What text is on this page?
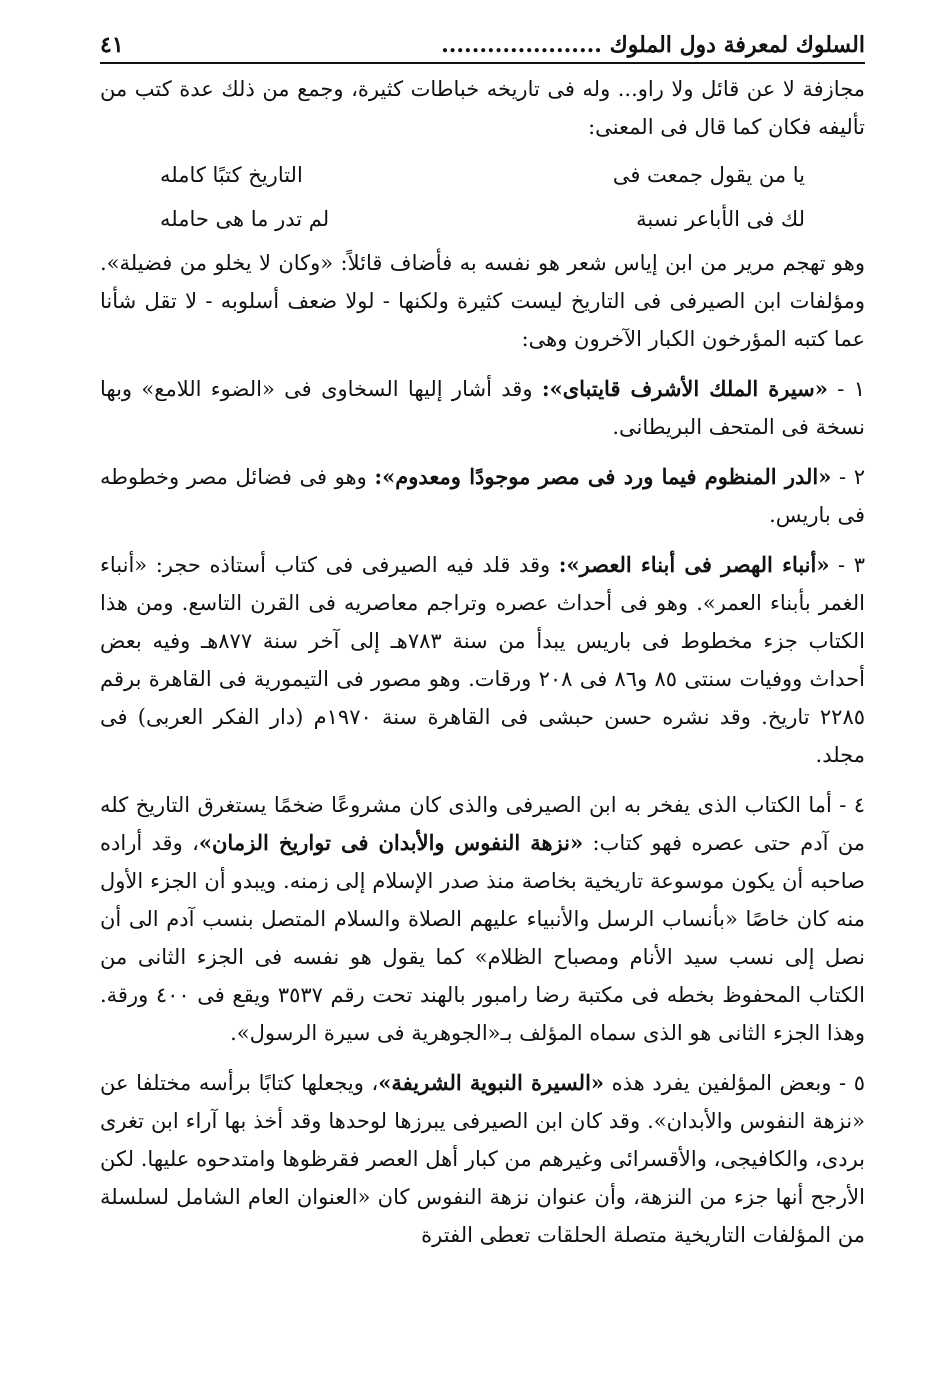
السلوك لمعرفة دول الملوك .....................
٤١

مجازفة لا عن قائل ولا راو... وله فى تاريخه خباطات كثيرة، وجمع من ذلك عدة كتب من تأليفه فكان كما قال فى المعنى:

يا من يقول جمعت فى
التاريخ كتبًا كامله
لك فى الأباعر نسبة
لم تدر ما هى حامله

وهو تهجم مرير من ابن إياس شعر هو نفسه به فأضاف قائلاً: «وكان لا يخلو من فضيلة». ومؤلفات ابن الصيرفى فى التاريخ ليست كثيرة ولكنها - لولا ضعف أسلوبه - لا تقل شأنا عما كتبه المؤرخون الكبار الآخرون وهى:

١ - «سيرة الملك الأشرف قايتباى»: وقد أشار إليها السخاوى فى «الضوء اللامع» وبها نسخة فى المتحف البريطانى.

٢ - «الدر المنظوم فيما ورد فى مصر موجودًا ومعدوم»: وهو فى فضائل مصر وخطوطه فى باريس.

٣ - «أنباء الهصر فى أبناء العصر»: وقد قلد فيه الصيرفى فى كتاب أستاذه حجر: «أنباء الغمر بأبناء العمر». وهو فى أحداث عصره وتراجم معاصريه فى القرن التاسع. ومن هذا الكتاب جزء مخطوط فى باريس يبدأ من سنة ٧٨٣هـ إلى آخر سنة ٨٧٧هـ وفيه بعض أحداث ووفيات سنتى ٨٥ و٨٦ فى ٢٠٨ ورقات. وهو مصور فى التيمورية فى القاهرة برقم ٢٢٨٥ تاريخ. وقد نشره حسن حبشى فى القاهرة سنة ١٩٧٠م (دار الفكر العربى) فى مجلد.

٤ - أما الكتاب الذى يفخر به ابن الصيرفى والذى كان مشروعًا ضخمًا يستغرق التاريخ كله من آدم حتى عصره فهو كتاب: «نزهة النفوس والأبدان فى تواريخ الزمان»، وقد أراده صاحبه أن يكون موسوعة تاريخية بخاصة منذ صدر الإسلام إلى زمنه. ويبدو أن الجزء الأول منه كان خاصًا «بأنساب الرسل والأنبياء عليهم الصلاة والسلام المتصل بنسب آدم الى أن نصل إلى نسب سيد الأنام ومصباح الظلام» كما يقول هو نفسه فى الجزء الثانى من الكتاب المحفوظ بخطه فى مكتبة رضا رامبور بالهند تحت رقم ٣٥٣٧ ويقع فى ٤٠٠ ورقة. وهذا الجزء الثانى هو الذى سماه المؤلف بـ«الجوهرية فى سيرة الرسول».

٥ - وبعض المؤلفين يفرد هذه «السيرة النبوية الشريفة»، ويجعلها كتابًا برأسه مختلفا عن «نزهة النفوس والأبدان». وقد كان ابن الصيرفى يبرزها لوحدها وقد أخذ بها آراء ابن تغرى بردى، والكافيجى، والأقسرائى وغيرهم من كبار أهل العصر فقرظوها وامتدحوه عليها. لكن الأرجح أنها جزء من النزهة، وأن عنوان نزهة النفوس كان «العنوان العام الشامل لسلسلة من المؤلفات التاريخية متصلة الحلقات تعطى الفترة
